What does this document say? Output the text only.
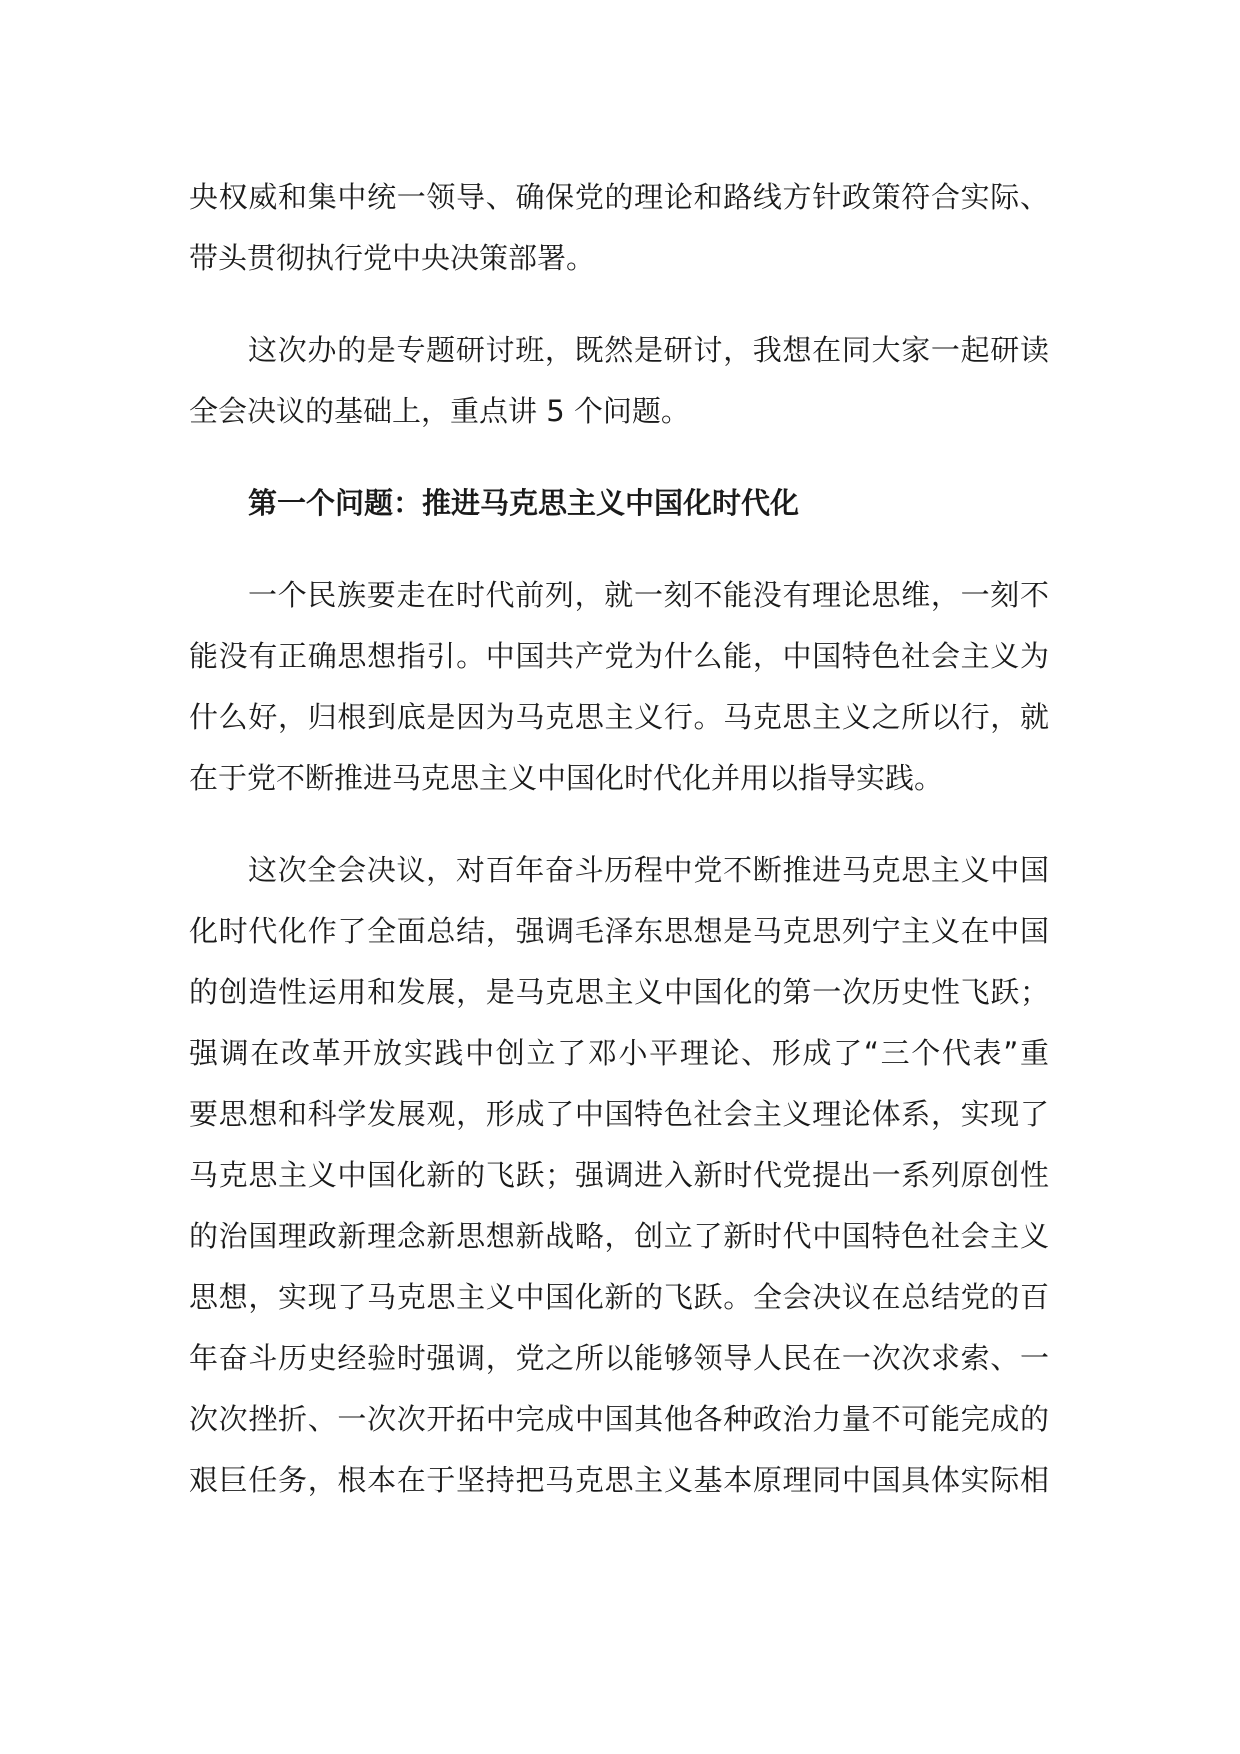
央权威和集中统一领导、确保党的理论和路线方针政策符合实际、
带头贯彻执行党中央决策部署。
这次办的是专题研讨班，既然是研讨，我想在同大家一起研读
全会决议的基础上，重点讲 5 个问题。
第一个问题：推进马克思主义中国化时代化
一个民族要走在时代前列，就一刻不能没有理论思维，一刻不
能没有正确思想指引。中国共产党为什么能，中国特色社会主义为
什么好，归根到底是因为马克思主义行。马克思主义之所以行，就
在于党不断推进马克思主义中国化时代化并用以指导实践。
这次全会决议，对百年奋斗历程中党不断推进马克思主义中国
化时代化作了全面总结，强调毛泽东思想是马克思列宁主义在中国
的创造性运用和发展，是马克思主义中国化的第一次历史性飞跃；
强调在改革开放实践中创立了邓小平理论、形成了“三个代表”重
要思想和科学发展观，形成了中国特色社会主义理论体系，实现了
马克思主义中国化新的飞跃；强调进入新时代党提出一系列原创性
的治国理政新理念新思想新战略，创立了新时代中国特色社会主义
思想，实现了马克思主义中国化新的飞跃。全会决议在总结党的百
年奋斗历史经验时强调，党之所以能够领导人民在一次次求索、一
次次挫折、一次次开拓中完成中国其他各种政治力量不可能完成的
艰巨任务，根本在于坚持把马克思主义基本原理同中国具体实际相
